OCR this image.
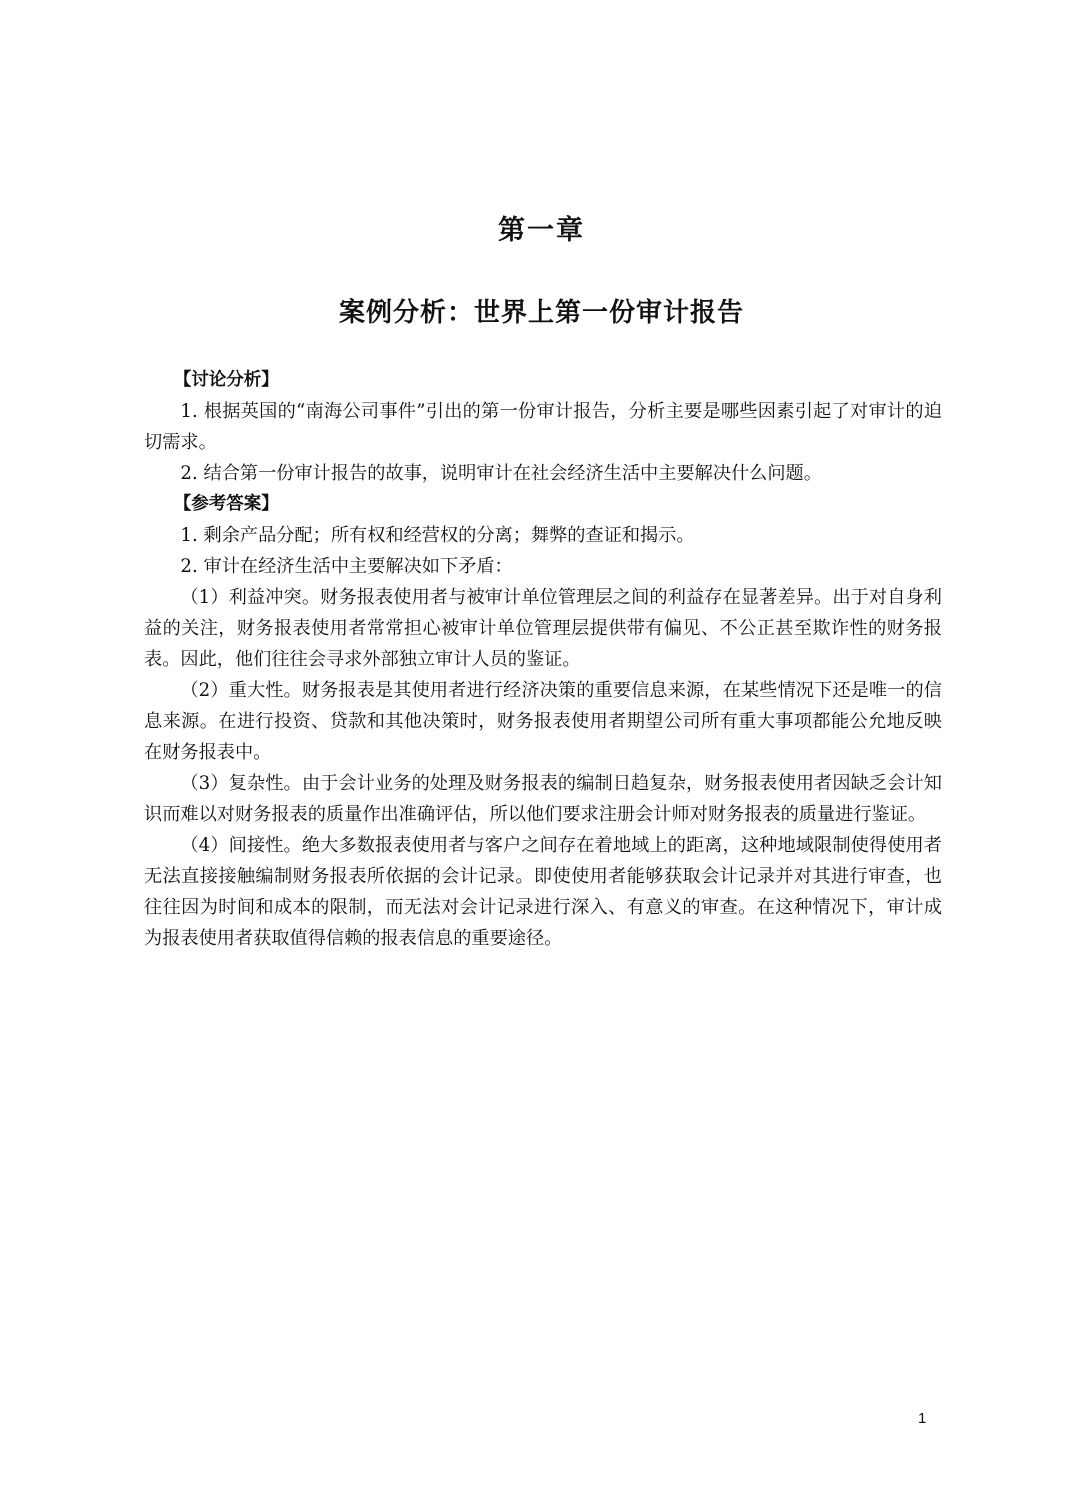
第一章
案例分析：世界上第一份审计报告

【讨论分析】

1. 根据英国的“南海公司事件”引出的第一份审计报告，分析主要是哪些因素引起了对审计的迫切需求。

2. 结合第一份审计报告的故事，说明审计在社会经济生活中主要解决什么问题。

【参考答案】

1. 剩余产品分配；所有权和经营权的分离；舞弊的查证和揭示。

2. 审计在经济生活中主要解决如下矛盾：

（1）利益冲突。财务报表使用者与被审计单位管理层之间的利益存在显著差异。出于对自身利益的关注，财务报表使用者常常担心被审计单位管理层提供带有偏见、不公正甚至欺诈性的财务报表。因此，他们往往会寻求外部独立审计人员的鉴证。

（2）重大性。财务报表是其使用者进行经济决策的重要信息来源，在某些情况下还是唯一的信息来源。在进行投资、贷款和其他决策时，财务报表使用者期望公司所有重大事项都能公允地反映在财务报表中。

（3）复杂性。由于会计业务的处理及财务报表的编制日趋复杂，财务报表使用者因缺乏会计知识而难以对财务报表的质量作出准确评估，所以他们要求注册会计师对财务报表的质量进行鉴证。

（4）间接性。绝大多数报表使用者与客户之间存在着地域上的距离，这种地域限制使得使用者无法直接接触编制财务报表所依据的会计记录。即使使用者能够获取会计记录并对其进行审查，也往往因为时间和成本的限制，而无法对会计记录进行深入、有意义的审查。在这种情况下，审计成为报表使用者获取值得信赖的报表信息的重要途径。

1
